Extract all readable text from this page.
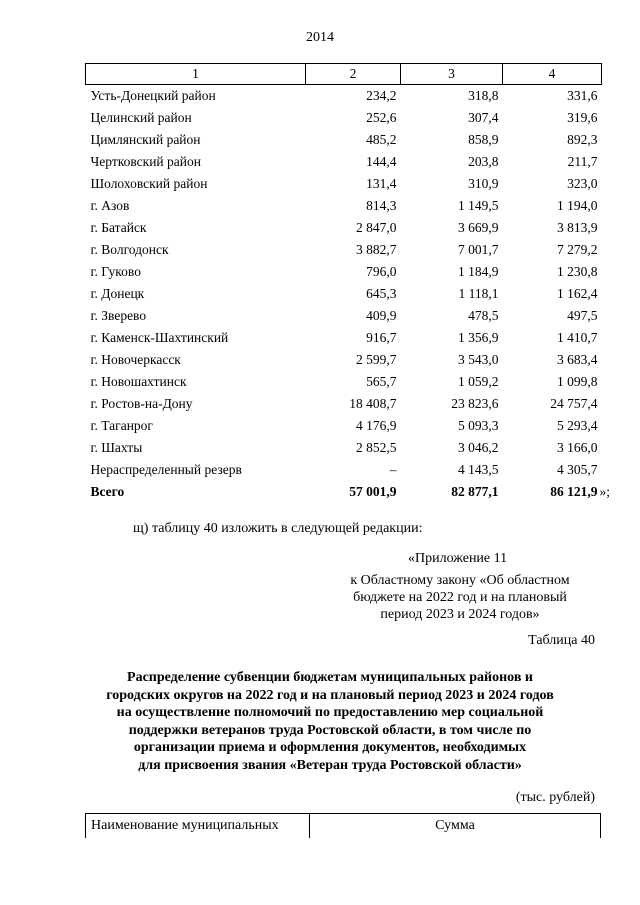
2014
1	2	3	4
Усть-Донецкий район	234,2	318,8	331,6
Целинский район	252,6	307,4	319,6
Цимлянский район	485,2	858,9	892,3
Чертковский район	144,4	203,8	211,7
Шолоховский район	131,4	310,9	323,0
г. Азов	814,3	1 149,5	1 194,0
г. Батайск	2 847,0	3 669,9	3 813,9
г. Волгодонск	3 882,7	7 001,7	7 279,2
г. Гуково	796,0	1 184,9	1 230,8
г. Донецк	645,3	1 118,1	1 162,4
г. Зверево	409,9	478,5	497,5
г. Каменск-Шахтинский	916,7	1 356,9	1 410,7
г. Новочеркасск	2 599,7	3 543,0	3 683,4
г. Новошахтинск	565,7	1 059,2	1 099,8
г. Ростов-на-Дону	18 408,7	23 823,6	24 757,4
г. Таганрог	4 176,9	5 093,3	5 293,4
г. Шахты	2 852,5	3 046,2	3 166,0
Нераспределенный резерв	–	4 143,5	4 305,7
Всего	57 001,9	82 877,1	86 121,9 »;
щ) таблицу 40 изложить в следующей редакции:
«Приложение 11
к Областному закону «Об областном
бюджете на 2022 год и на плановый
период 2023 и 2024 годов»
Таблица 40
Распределение субвенции бюджетам муниципальных районов и
городских округов на 2022 год и на плановый период 2023 и 2024 годов
на осуществление полномочий по предоставлению мер социальной
поддержки ветеранов труда Ростовской области, в том числе по
организации приема и оформления документов, необходимых
для присвоения звания «Ветеран труда Ростовской области»
(тыс. рублей)
Наименование муниципальных	Сумма
